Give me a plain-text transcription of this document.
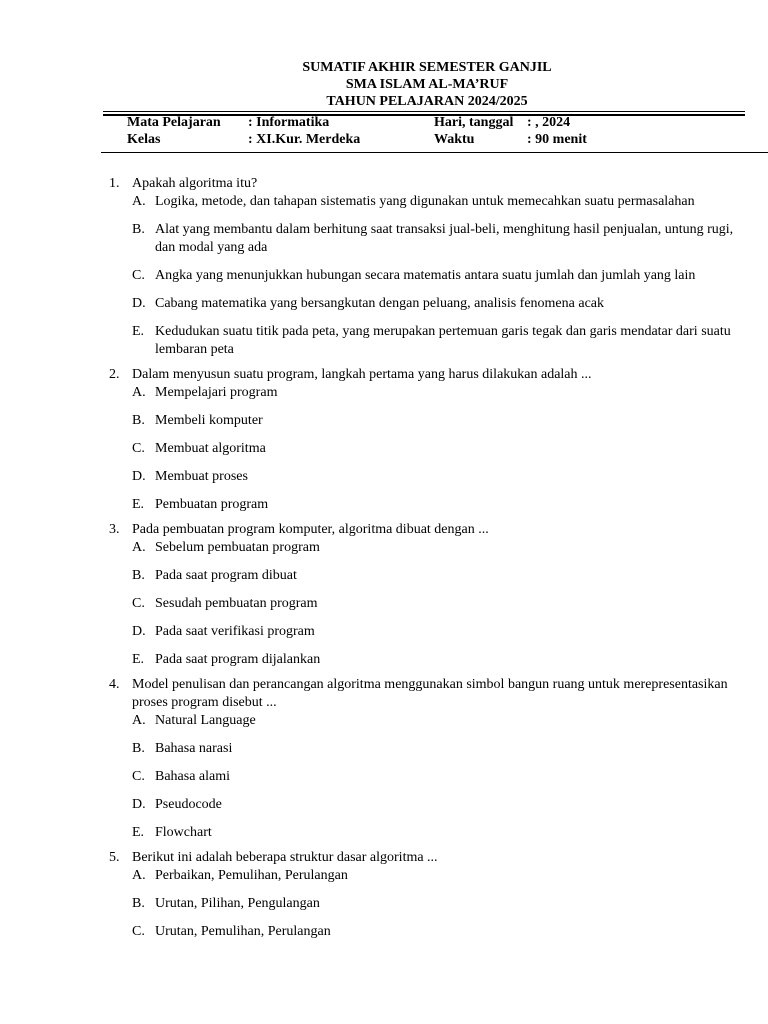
SUMATIF AKHIR SEMESTER GANJIL
SMA ISLAM AL-MA’RUF
TAHUN PELAJARAN 2024/2025
Mata Pelajaran : Informatika	Hari, tanggal : , 2024
Kelas	: XI.Kur. Merdeka	Waktu	: 90 menit
1. Apakah algoritma itu?
A. Logika, metode, dan tahapan sistematis yang digunakan untuk memecahkan suatu permasalahan
B. Alat yang membantu dalam berhitung saat transaksi jual-beli, menghitung hasil penjualan, untung rugi, dan modal yang ada
C. Angka yang menunjukkan hubungan secara matematis antara suatu jumlah dan jumlah yang lain
D. Cabang matematika yang bersangkutan dengan peluang, analisis fenomena acak
E. Kedudukan suatu titik pada peta, yang merupakan pertemuan garis tegak dan garis mendatar dari suatu lembaran peta
2. Dalam menyusun suatu program, langkah pertama yang harus dilakukan adalah ...
A. Mempelajari program
B. Membeli komputer
C. Membuat algoritma
D. Membuat proses
E. Pembuatan program
3. Pada pembuatan program komputer, algoritma dibuat dengan ...
A. Sebelum pembuatan program
B. Pada saat program dibuat
C. Sesudah pembuatan program
D. Pada saat verifikasi program
E. Pada saat program dijalankan
4. Model penulisan dan perancangan algoritma menggunakan simbol bangun ruang untuk merepresentasikan proses program disebut ...
A. Natural Language
B. Bahasa narasi
C. Bahasa alami
D. Pseudocode
E. Flowchart
5. Berikut ini adalah beberapa struktur dasar algoritma ...
A. Perbaikan, Pemulihan, Perulangan
B. Urutan, Pilihan, Pengulangan
C. Urutan, Pemulihan, Perulangan
